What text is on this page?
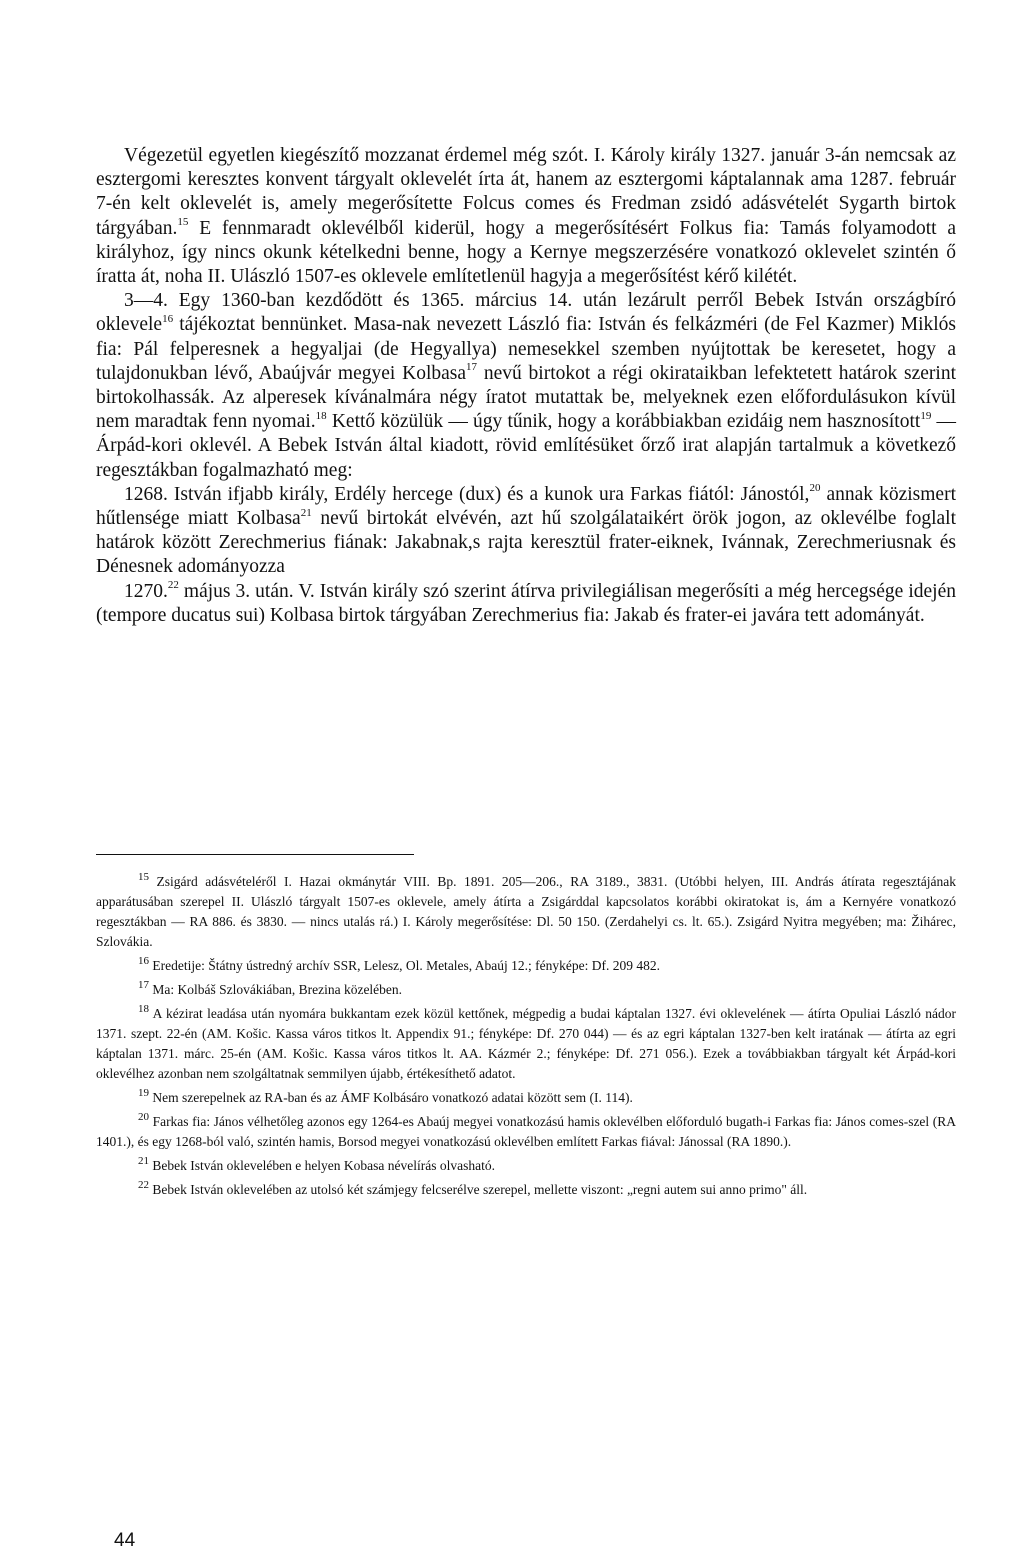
Végezetül egyetlen kiegészítő mozzanat érdemel még szót. I. Károly király 1327. január 3-án nemcsak az esztergomi keresztes konvent tárgyalt oklevelét írta át, hanem az esztergomi káptalannak ama 1287. február 7-én kelt oklevelét is, amely megerősítette Folcus comes és Fredman zsidó adásvételét Sygarth birtok tárgyában.$^{15}$ E fennmaradt oklevélből kiderül, hogy a megerősítésért Folkus fia: Tamás folyamodott a királyhoz, így nincs okunk kételkedni benne, hogy a Kernye megszerzésére vonatkozó oklevelet szintén ő íratta át, noha II. Ulászló 1507-es oklevele említetlenül hagyja a megerősítést kérő kilétét.

3—4. Egy 1360-ban kezdődött és 1365. március 14. után lezárult perről Bebek István országbíró oklevele$^{16}$ tájékoztat bennünket. Masa-nak nevezett László fia: István és felkázméri (de Fel Kazmer) Miklós fia: Pál felperesnek a hegyaljai (de Hegyallya) nemesekkel szemben nyújtottak be keresetet, hogy a tulajdonukban lévő, Abaújvár megyei Kolbasa$^{17}$ nevű birtokot a régi okirataikban lefektetett határok szerint birtokolhassák. Az alperesek kívánalmára négy íratot mutattak be, melyeknek ezen előfordulásukon kívül nem maradtak fenn nyomai.$^{18}$ Kettő közülük — úgy tűnik, hogy a korábbiakban ezidáig nem hasznosított$^{19}$ — Árpád-kori oklevél. A Bebek István által kiadott, rövid említésüket őrző irat alapján tartalmuk a következő regesztákban fogalmazható meg:

1268. István ifjabb király, Erdély hercege (dux) és a kunok ura Farkas fiától: Jánostól,$^{20}$ annak közismert hűtlensége miatt Kolbasa$^{21}$ nevű birtokát elvévén, azt hű szolgálataikért örök jogon, az oklevélbe foglalt határok között Zerechmerius fiának: Jakabnak,s rajta keresztül frater-eiknek, Ivánnak, Zerechmeriusnak és Dénesnek adományozza

1270.22 május 3. után. V. István király szó szerint átírva privilegiálisan megerősíti a még hercegsége idején (tempore ducatus sui) Kolbasa birtok tárgyában Zerechmerius fia: Jakab és frater-ei javára tett adományát.

$^{15}$ Zsigárd adásvételéről I. Hazai okmánytár VIII. Bp. 1891. 205—206., RA 3189., 3831. (Utóbbi helyen, III. András átírata regesztájának apparátusában szerepel II. Ulászló tárgyalt 1507-es oklevele, amely átírta a Zsigárddal kapcsolatos korábbi okiratokat is, ám a Kernyére vonatkozó regesztákban — RA 886. és 3830. — nincs utalás rá.) I. Károly megerősítése: Dl. 50 150. (Zerdahelyi cs. lt. 65.). Zsigárd Nyitra megyében; ma: Žihárec, Szlovákia.

$^{16}$ Eredetije: Štátny ústredný archív SSR, Lelesz, Ol. Metales, Abaúj 12.; fényképe: Df. 209 482.

$^{17}$ Ma: Kolbáš Szlovákiában, Brezina közelében.

$^{18}$ A kézirat leadása után nyomára bukkantam ezek közül kettőnek, mégpedig a budai káptalan 1327. évi oklevelének — átírta Opuliai László nádor 1371. szept. 22-én (AM. Košic. Kassa város titkos lt. Appendix 91.; fényképe: Df. 270 044) — és az egri káptalan 1327-ben kelt iratának — átírta az egri káptalan 1371. márc. 25-én (AM. Košic. Kassa város titkos lt. AA. Kázmér 2.; fényképe: Df. 271 056.). Ezek a továbbiakban tárgyalt két Árpád-kori oklevélhez azonban nem szolgáltatnak semmilyen újabb, értékesíthető adatot.

$^{19}$ Nem szerepelnek az RA-ban és az ÁMF Kolbásáro vonatkozó adatai között sem (I. 114).

$^{20}$ Farkas fia: János vélhetőleg azonos egy 1264-es Abaúj megyei vonatkozású hamis oklevélben előforduló bugath-i Farkas fia: János comes-szel (RA 1401.), és egy 1268-ból való, szintén hamis, Borsod megyei vonatkozású oklevélben említett Farkas fiával: Jánossal (RA 1890.).

$^{21}$ Bebek István oklevelében e helyen Kobasa névelírás olvasható.

$^{22}$ Bebek István oklevelében az utolsó két számjegy felcserélve szerepel, mellette viszont: „regni autem sui anno primo" áll.

44
